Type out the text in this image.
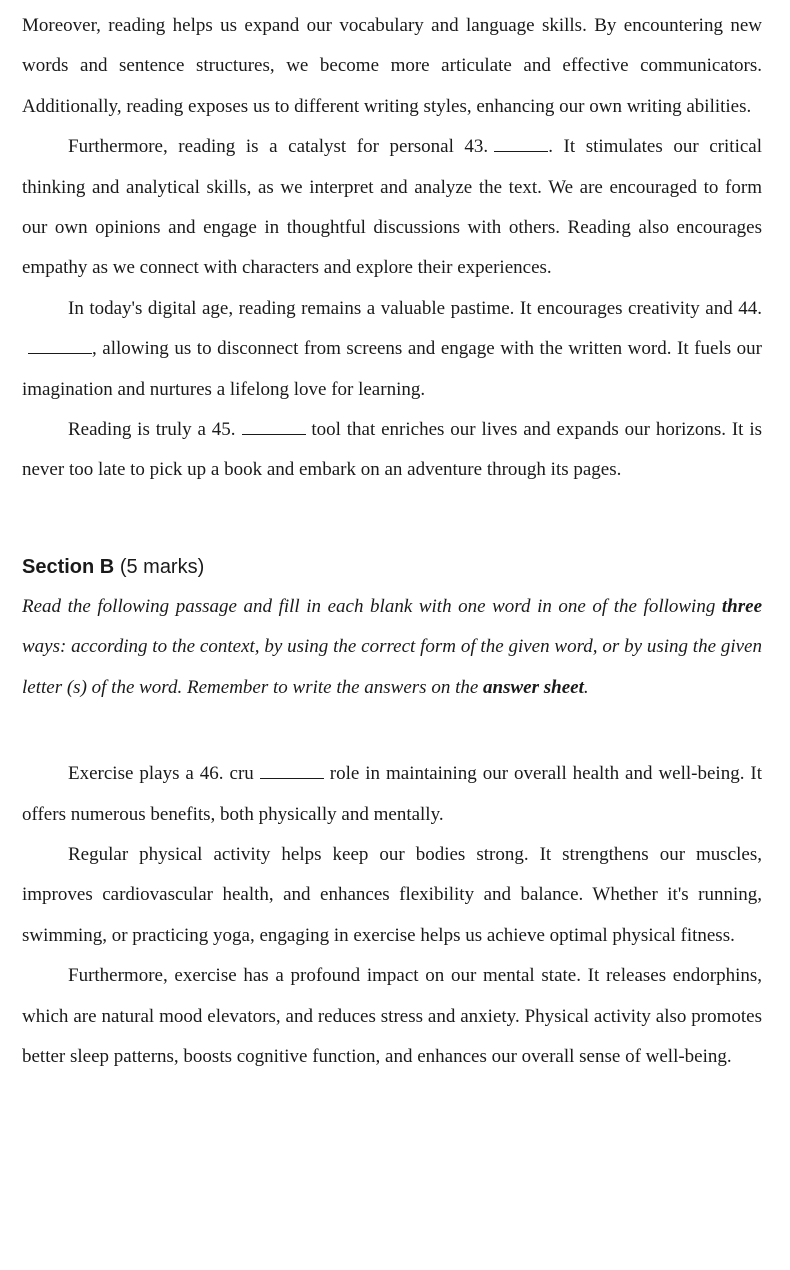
Moreover, reading helps us expand our vocabulary and language skills. By encountering new words and sentence structures, we become more articulate and effective communicators. Additionally, reading exposes us to different writing styles, enhancing our own writing abilities.

Furthermore, reading is a catalyst for personal 43.	. It stimulates our critical thinking and analytical skills, as we interpret and analyze the text. We are encouraged to form our own opinions and engage in thoughtful discussions with others. Reading also encourages empathy as we connect with characters and explore their experiences.

In today's digital age, reading remains a valuable pastime. It encourages creativity and 44., allowing us to disconnect from screens and engage with the written word. It fuels our imagination and nurtures a lifelong love for learning.

Reading is truly a 45.	tool that enriches our lives and expands our horizons. It is never too late to pick up a book and embark on an adventure through its pages.

Section B (5 marks)
Read the following passage and fill in each blank with one word in one of the following three ways: according to the context, by using the correct form of the given word, or by using the given letter (s) of the word. Remember to write the answers on the answer sheet.

Exercise plays a 46. cru	role in maintaining our overall health and well-being. It offers numerous benefits, both physically and mentally.

Regular physical activity helps keep our bodies strong. It strengthens our muscles, improves cardiovascular health, and enhances flexibility and balance. Whether it's running, swimming, or practicing yoga, engaging in exercise helps us achieve optimal physical fitness.

Furthermore, exercise has a profound impact on our mental state. It releases endorphins, which are natural mood elevators, and reduces stress and anxiety. Physical activity also promotes better sleep patterns, boosts cognitive function, and enhances our overall sense of well-being.
